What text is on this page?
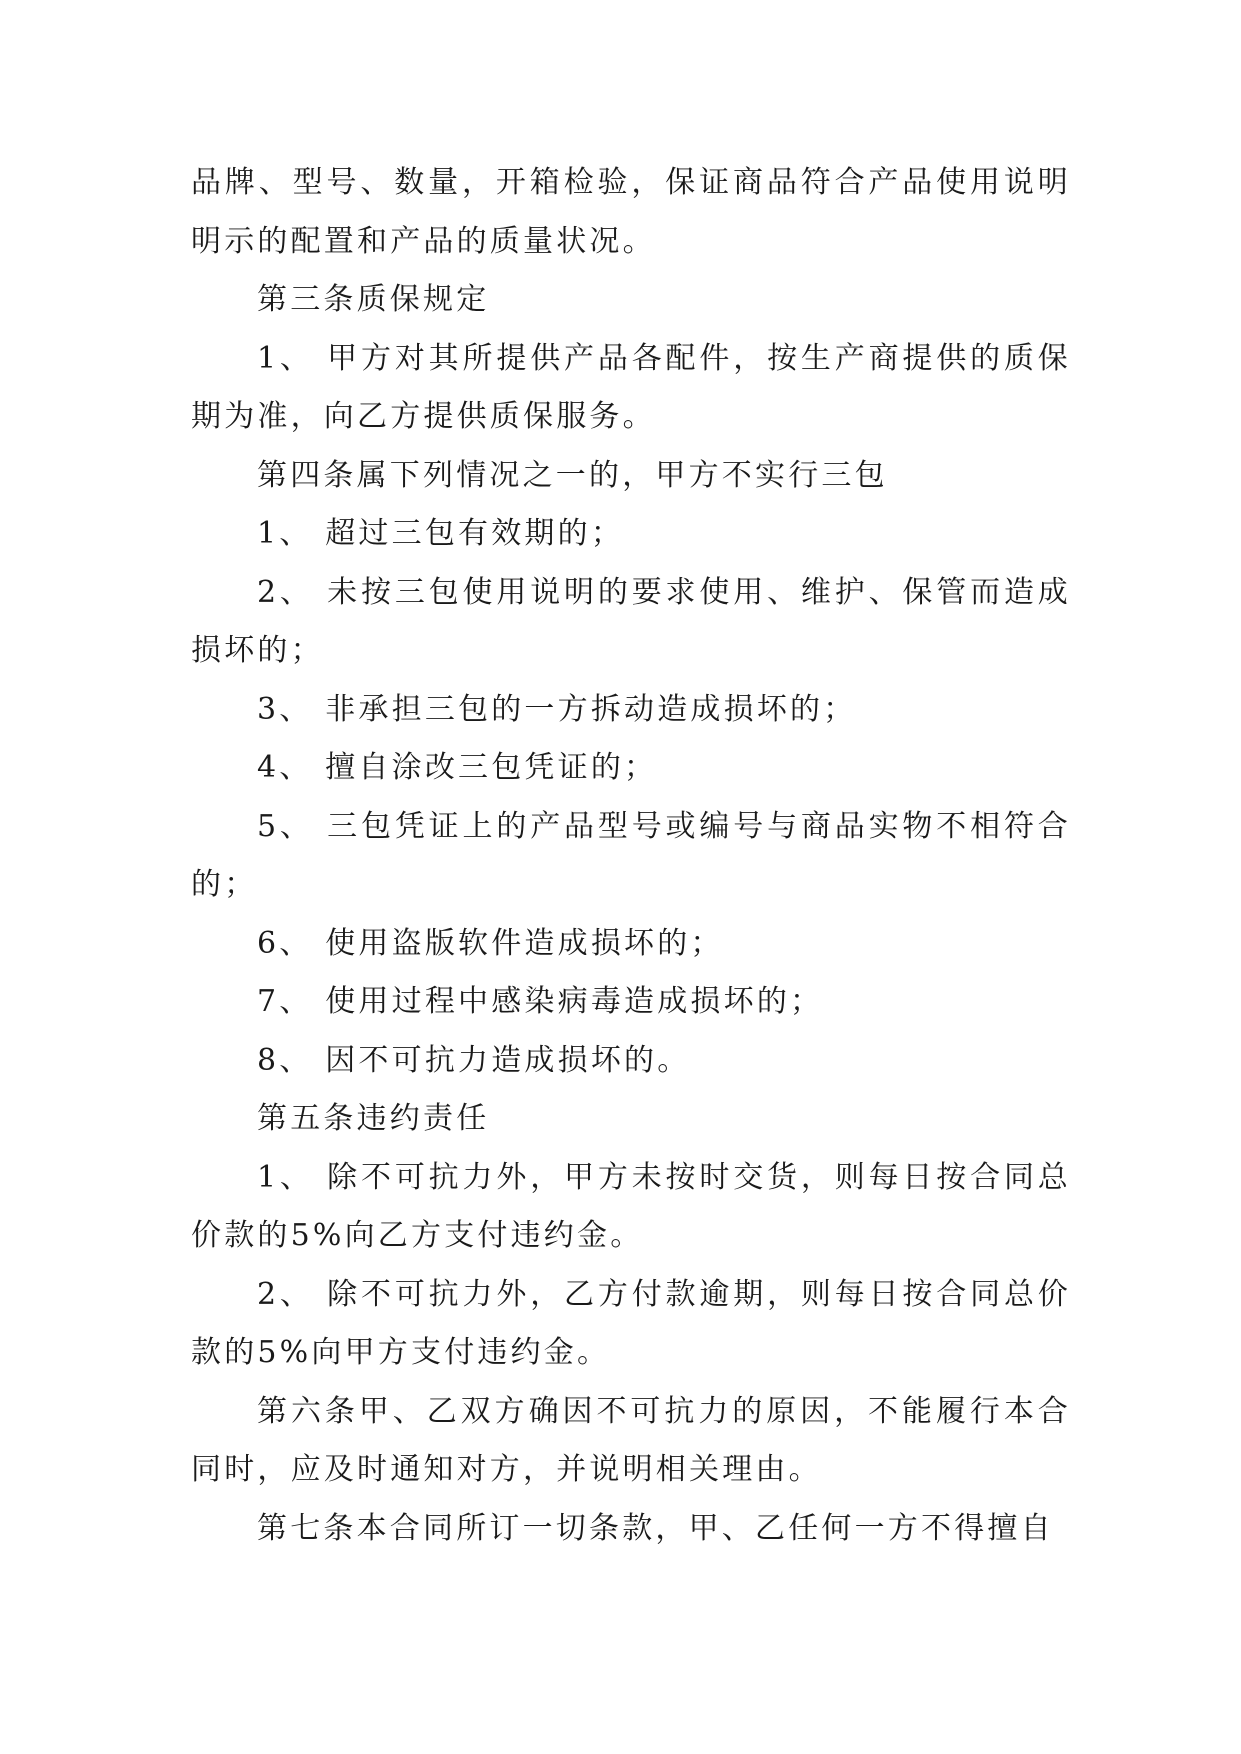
品牌、型号、数量，开箱检验，保证商品符合产品使用说明明示的配置和产品的质量状况。

第三条质保规定

1、 甲方对其所提供产品各配件，按生产商提供的质保期为准，向乙方提供质保服务。

第四条属下列情况之一的，甲方不实行三包

1、 超过三包有效期的；

2、 未按三包使用说明的要求使用、维护、保管而造成损坏的；

3、 非承担三包的一方拆动造成损坏的；

4、 擅自涂改三包凭证的；

5、 三包凭证上的产品型号或编号与商品实物不相符合的；

6、 使用盗版软件造成损坏的；

7、 使用过程中感染病毒造成损坏的；

8、 因不可抗力造成损坏的。

第五条违约责任

1、 除不可抗力外，甲方未按时交货，则每日按合同总价款的5%向乙方支付违约金。

2、 除不可抗力外，乙方付款逾期，则每日按合同总价款的5%向甲方支付违约金。

第六条甲、乙双方确因不可抗力的原因，不能履行本合同时，应及时通知对方，并说明相关理由。

第七条本合同所订一切条款，甲、乙任何一方不得擅自
